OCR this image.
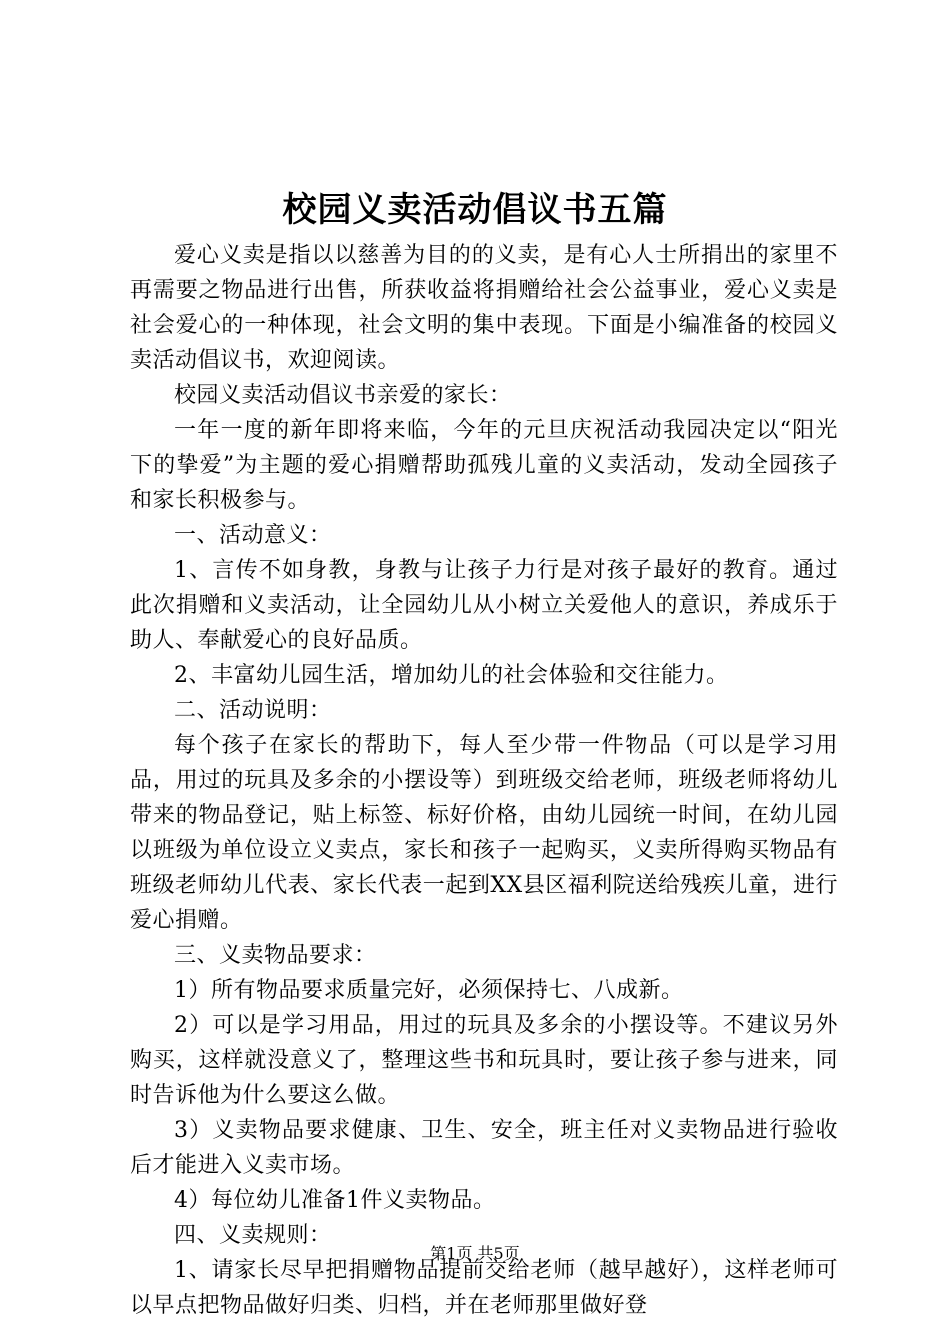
校园义卖活动倡议书五篇

爱心义卖是指以以慈善为目的的义卖，是有心人士所捐出的家里不再需要之物品进行出售，所获收益将捐赠给社会公益事业，爱心义卖是社会爱心的一种体现，社会文明的集中表现。下面是小编准备的校园义卖活动倡议书，欢迎阅读。

校园义卖活动倡议书亲爱的家长：

一年一度的新年即将来临，今年的元旦庆祝活动我园决定以“阳光下的挚爱”为主题的爱心捐赠帮助孤残儿童的义卖活动，发动全园孩子和家长积极参与。

一、活动意义：

1、言传不如身教，身教与让孩子力行是对孩子最好的教育。通过此次捐赠和义卖活动，让全园幼儿从小树立关爱他人的意识，养成乐于助人、奉献爱心的良好品质。

2、丰富幼儿园生活，增加幼儿的社会体验和交往能力。

二、活动说明：

每个孩子在家长的帮助下，每人至少带一件物品（可以是学习用品，用过的玩具及多余的小摆设等）到班级交给老师，班级老师将幼儿带来的物品登记，贴上标签、标好价格，由幼儿园统一时间，在幼儿园以班级为单位设立义卖点，家长和孩子一起购买，义卖所得购买物品有班级老师幼儿代表、家长代表一起到XX县区福利院送给残疾儿童，进行爱心捐赠。

三、义卖物品要求：

1）所有物品要求质量完好，必须保持七、八成新。

2）可以是学习用品，用过的玩具及多余的小摆设等。不建议另外购买，这样就没意义了，整理这些书和玩具时，要让孩子参与进来，同时告诉他为什么要这么做。

3）义卖物品要求健康、卫生、安全，班主任对义卖物品进行验收后才能进入义卖市场。

4）每位幼儿准备1件义卖物品。

四、义卖规则：

1、请家长尽早把捐赠物品提前交给老师（越早越好），这样老师可以早点把物品做好归类、归档，并在老师那里做好登

第1页 共5页
